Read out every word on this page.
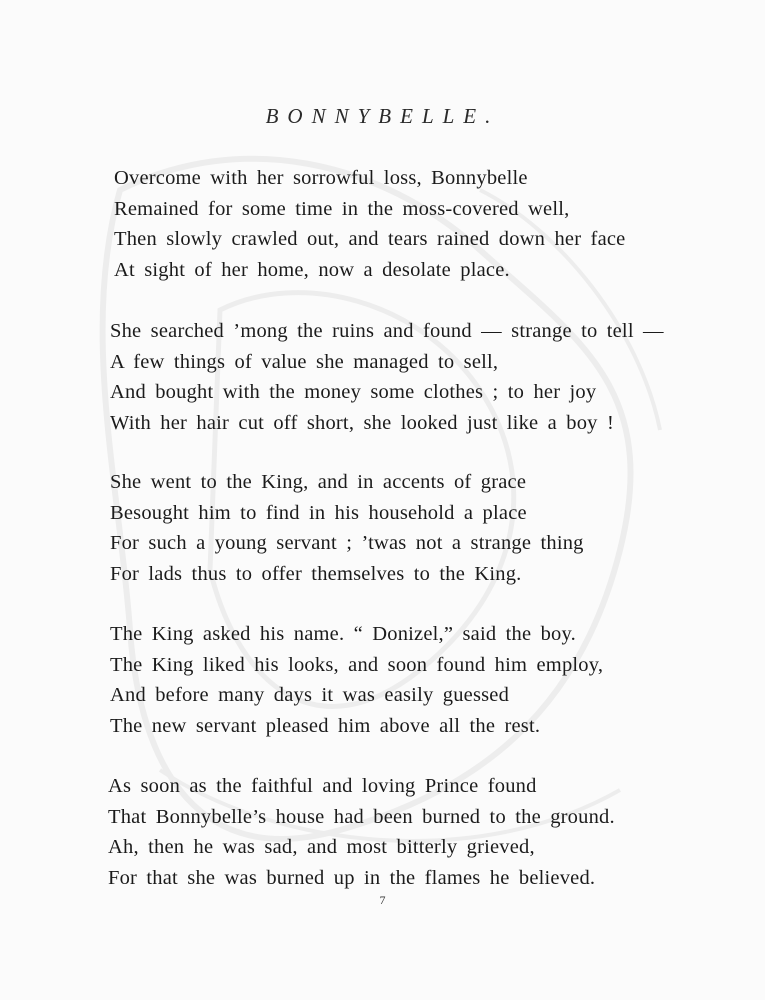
BONNYBELLE.
Overcome with her sorrowful loss, Bonnybelle
Remained for some time in the moss-covered well,
Then slowly crawled out, and tears rained down her face
At sight of her home, now a desolate place.
She searched ’mong the ruins and found — strange to tell —
A few things of value she managed to sell,
And bought with the money some clothes ; to her joy
With her hair cut off short, she looked just like a boy !
She went to the King, and in accents of grace
Besought him to find in his household a place
For such a young servant ; ’twas not a strange thing
For lads thus to offer themselves to the King.
The King asked his name. “ Donizel,” said the boy.
The King liked his looks, and soon found him employ,
And before many days it was easily guessed
The new servant pleased him above all the rest.
As soon as the faithful and loving Prince found
That Bonnybelle’s house had been burned to the ground.
Ah, then he was sad, and most bitterly grieved,
For that she was burned up in the flames he believed.
7
